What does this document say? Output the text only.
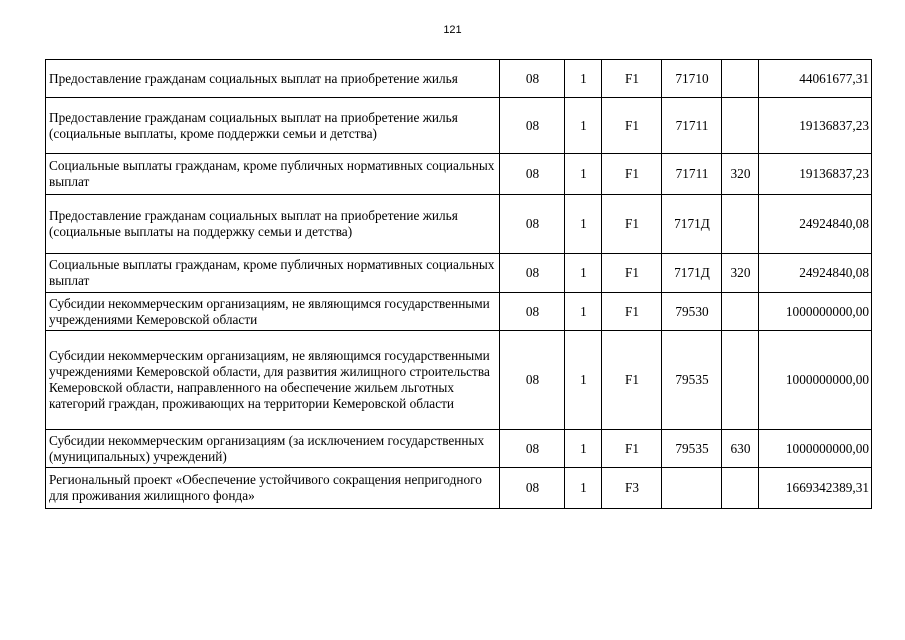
121
Предоставление гражданам социальных выплат на приобретение жилья	08	1	F1	71710		44061677,31
Предоставление гражданам социальных выплат на приобретение жилья (социальные выплаты, кроме поддержки семьи и детства)	08	1	F1	71711		19136837,23
Социальные выплаты гражданам, кроме публичных нормативных социальных выплат	08	1	F1	71711	320	19136837,23
Предоставление гражданам социальных выплат на приобретение жилья (социальные выплаты на поддержку семьи и детства)	08	1	F1	7171Д		24924840,08
Социальные выплаты гражданам, кроме публичных нормативных социальных выплат	08	1	F1	7171Д	320	24924840,08
Субсидии некоммерческим организациям, не являющимся государственными учреждениями Кемеровской области	08	1	F1	79530		1000000000,00
Субсидии некоммерческим организациям, не являющимся государственными учреждениями Кемеровской области, для развития жилищного строительства Кемеровской области, направленного на обеспечение жильем льготных категорий граждан, проживающих на территории Кемеровской области	08	1	F1	79535		1000000000,00
Субсидии некоммерческим организациям (за исключением государственных (муниципальных) учреждений)	08	1	F1	79535	630	1000000000,00
Региональный проект «Обеспечение устойчивого сокращения непригодного для проживания жилищного фонда»	08	1	F3			1669342389,31
